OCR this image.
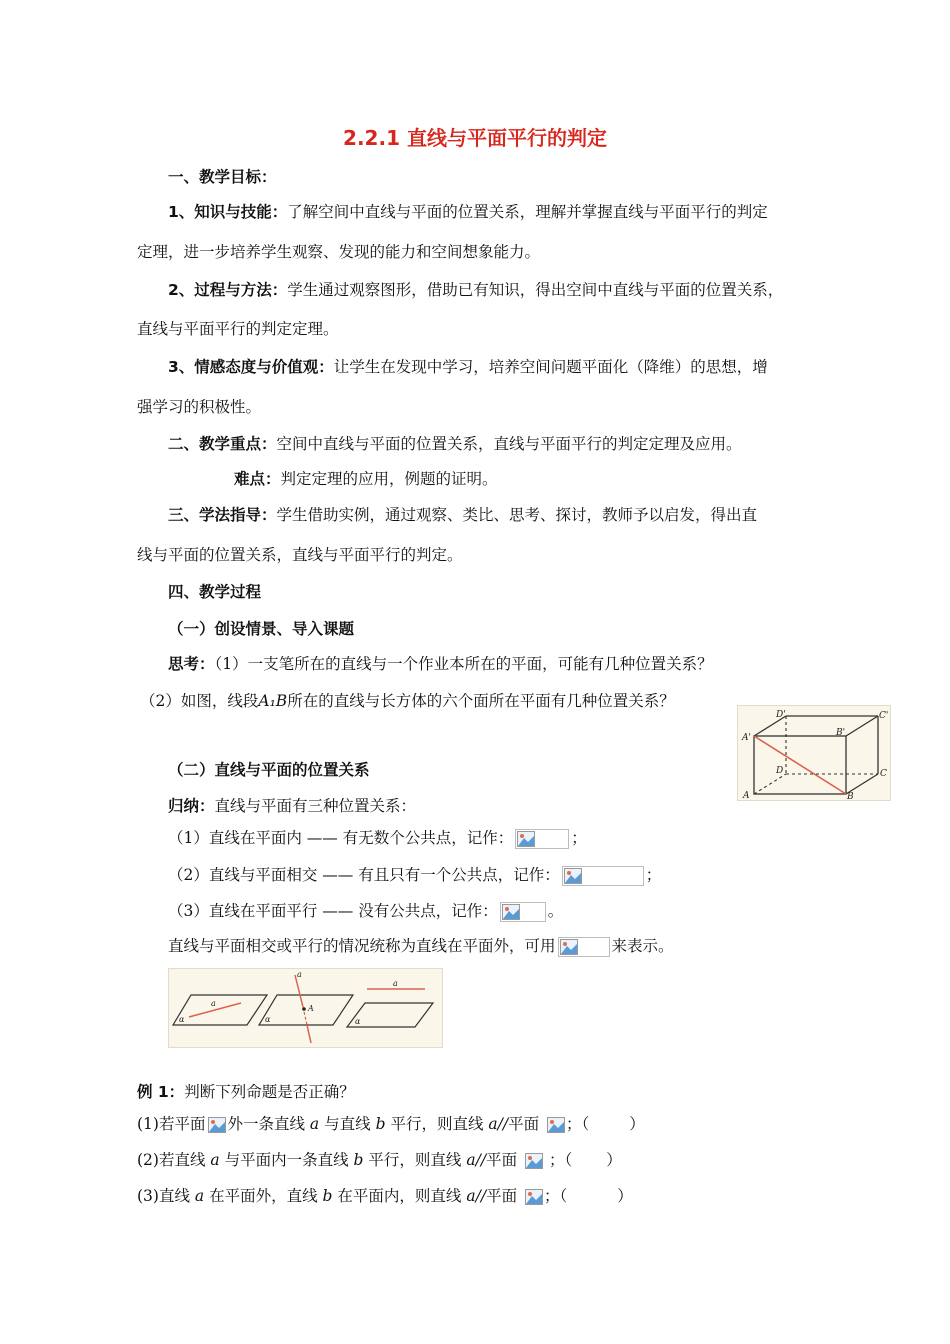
2.2.1 直线与平面平行的判定
一、教学目标：
1、知识与技能：了解空间中直线与平面的位置关系，理解并掌握直线与平面平行的判定
定理，进一步培养学生观察、发现的能力和空间想象能力。
2、过程与方法：学生通过观察图形，借助已有知识，得出空间中直线与平面的位置关系，
直线与平面平行的判定定理。
3、情感态度与价值观：让学生在发现中学习，培养空间问题平面化（降维）的思想，增
强学习的积极性。
二、教学重点：空间中直线与平面的位置关系，直线与平面平行的判定定理及应用。
难点：判定定理的应用，例题的证明。
三、学法指导：学生借助实例，通过观察、类比、思考、探讨，教师予以启发，得出直
线与平面的位置关系，直线与平面平行的判定。
四、教学过程
（一）创设情景、导入课题
思考：（1）一支笔所在的直线与一个作业本所在的平面，可能有几种位置关系？
（2）如图，线段A₁B所在的直线与长方体的六个面所在平面有几种位置关系？
D'	C'
A'	B'
D	C
A	B
（二）直线与平面的位置关系
归纳：直线与平面有三种位置关系：
（1）直线在平面内 —— 有无数个公共点，记作：	；
（2）直线与平面相交 —— 有且只有一个公共点，记作：	；
（3）直线在平面平行 —— 没有公共点，记作：	。
直线与平面相交或平行的情况统称为直线在平面外，可用	来表示。
a
α
a
A
α
a
α
例 1：判断下列命题是否正确？
(1)若平面 外一条直线 a 与直线 b 平行，则直线 a//平面 ；（	）
(2)若直线 a 与平面内一条直线 b 平行，则直线 a//平面 ；（ ）
(3)直线 a 在平面外，直线 b 在平面内，则直线 a//平面 ；（	）
